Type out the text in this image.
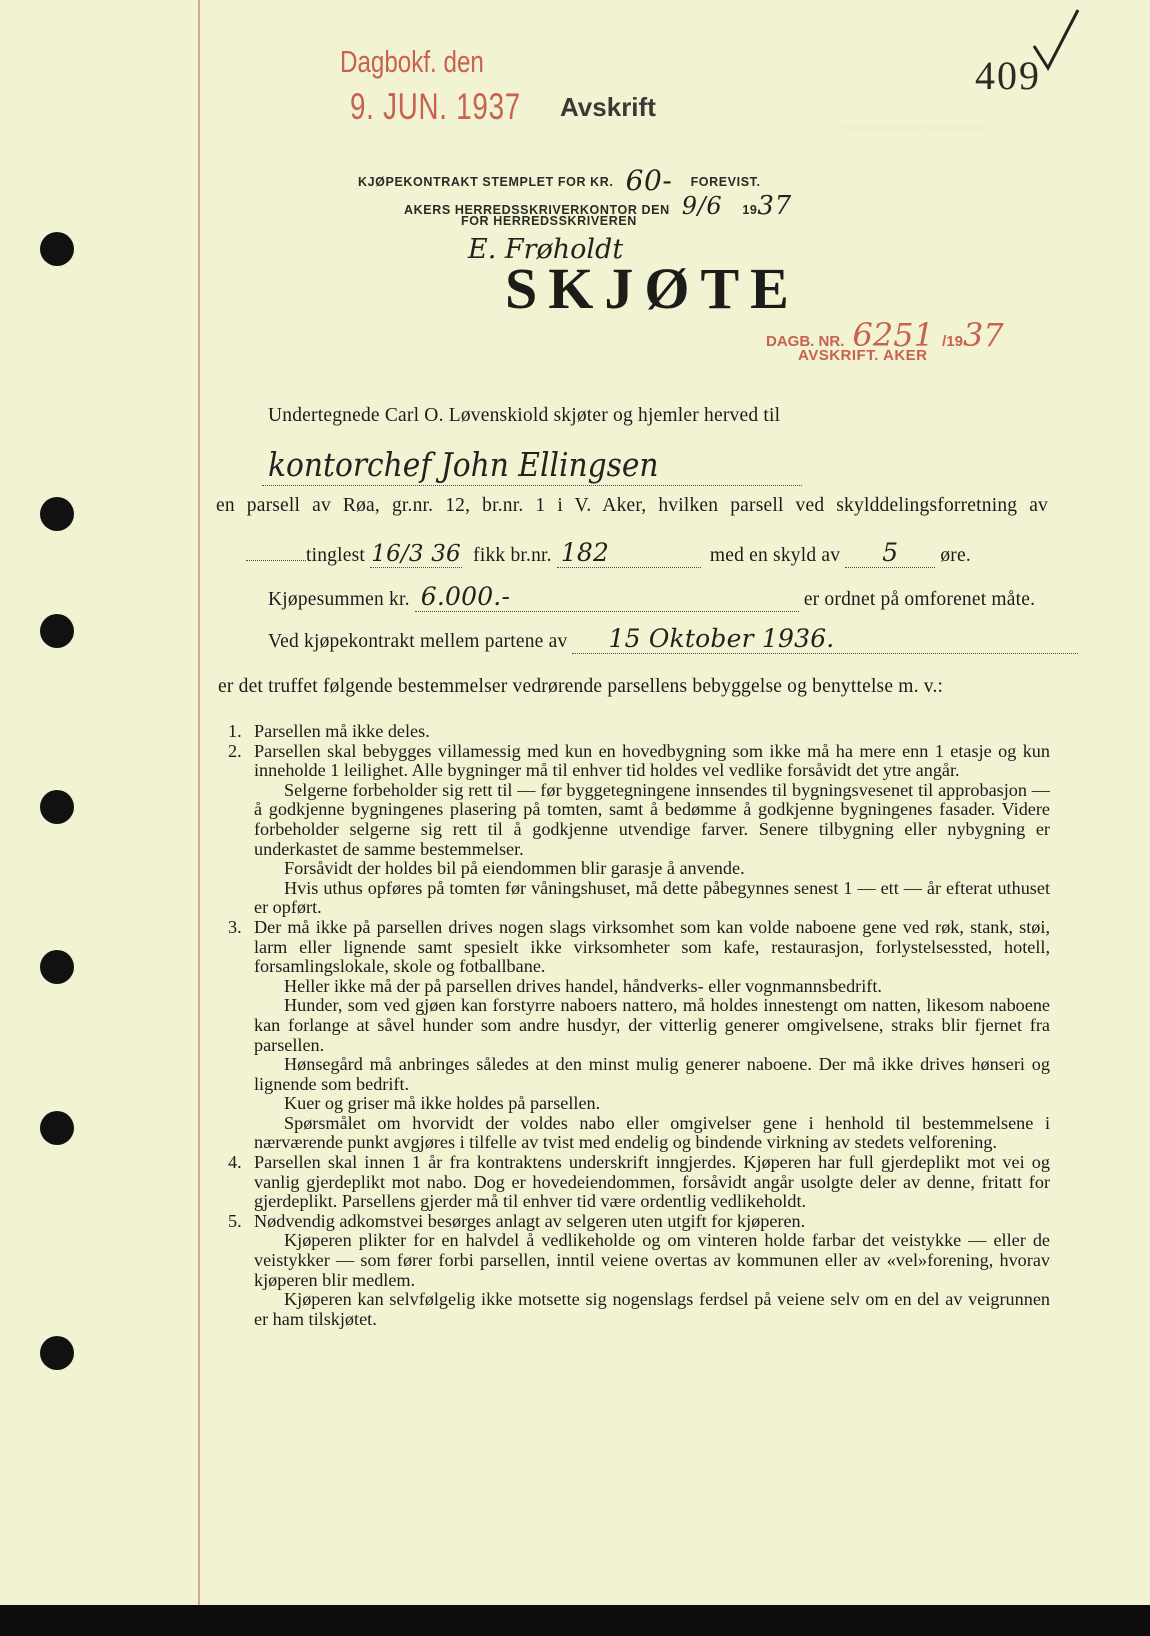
≡≡≡≡≡≡≡≡≡≡≡≡≡≡≡≡≡≡≡≡
Dagbokf. den
9. JUN. 1937 Avskrift
409
KJØPEKONTRAKT STEMPLET FOR KR. 60- FOREVIST.
AKERS HERREDSSKRIVERKONTOR DEN 9/6 1937
FOR HERREDSSKRIVEREN
E. Frøholdt
SKJØTE
DAGB. NR. 6251 /1937
AVSKRIFT. AKER
Undertegnede Carl O. Løvenskiold skjøter og hjemler herved til
kontorchef John Ellingsen
en parsell av Røa, gr.nr. 12, br.nr. 1 i V. Aker, hvilken parsell ved skylddelingsforretning av
tinglest 16/3 36 fikk br.nr. 182	med en skyld av 5 øre.
Kjøpesummen kr. 6.000.-	er ordnet på omforenet måte.
Ved kjøpekontrakt mellem partene av 15 Oktober 1936.
er det truffet følgende bestemmelser vedrørende parsellens bebyggelse og benyttelse m. v.:

1. Parsellen må ikke deles.

2. Parsellen skal bebygges villamessig med kun en hovedbygning som ikke må ha mere enn 1 etasje og kun inneholde 1 leilighet. Alle bygninger må til enhver tid holdes vel vedlike forsåvidt det ytre angår.

Selgerne forbeholder sig rett til — før byggetegningene innsendes til bygningsvesenet til approbasjon — å godkjenne bygningenes plasering på tomten, samt å bedømme å godkjenne bygningenes fasader. Videre forbeholder selgerne sig rett til å godkjenne utvendige farver. Senere tilbygning eller nybygning er underkastet de samme bestemmelser.

Forsåvidt der holdes bil på eiendommen blir garasje å anvende.

Hvis uthus opføres på tomten før våningshuset, må dette påbegynnes senest 1 — ett — år efterat uthuset er opført.

3. Der må ikke på parsellen drives nogen slags virksomhet som kan volde naboene gene ved røk, stank, støi, larm eller lignende samt spesielt ikke virksomheter som kafe, restaurasjon, forlystelsessted, hotell, forsamlingslokale, skole og fotballbane.

Heller ikke må der på parsellen drives handel, håndverks- eller vognmannsbedrift.

Hunder, som ved gjøen kan forstyrre naboers nattero, må holdes innestengt om natten, likesom naboene kan forlange at såvel hunder som andre husdyr, der vitterlig generer omgivelsene, straks blir fjernet fra parsellen.

Hønsegård må anbringes således at den minst mulig generer naboene. Der må ikke drives hønseri og lignende som bedrift.

Kuer og griser må ikke holdes på parsellen.

Spørsmålet om hvorvidt der voldes nabo eller omgivelser gene i henhold til bestemmelsene i nærværende punkt avgjøres i tilfelle av tvist med endelig og bindende virkning av stedets velforening.

4. Parsellen skal innen 1 år fra kontraktens underskrift inngjerdes. Kjøperen har full gjerdeplikt mot vei og vanlig gjerdeplikt mot nabo. Dog er hovedeiendommen, forsåvidt angår usolgte deler av denne, fritatt for gjerdeplikt. Parsellens gjerder må til enhver tid være ordentlig vedlikeholdt.

5. Nødvendig adkomstvei besørges anlagt av selgeren uten utgift for kjøperen.

Kjøperen plikter for en halvdel å vedlikeholde og om vinteren holde farbar det veistykke — eller de veistykker — som fører forbi parsellen, inntil veiene overtas av kommunen eller av «vel»forening, hvorav kjøperen blir medlem.

Kjøperen kan selvfølgelig ikke motsette sig nogenslags ferdsel på veiene selv om en del av veigrunnen er ham tilskjøtet.
